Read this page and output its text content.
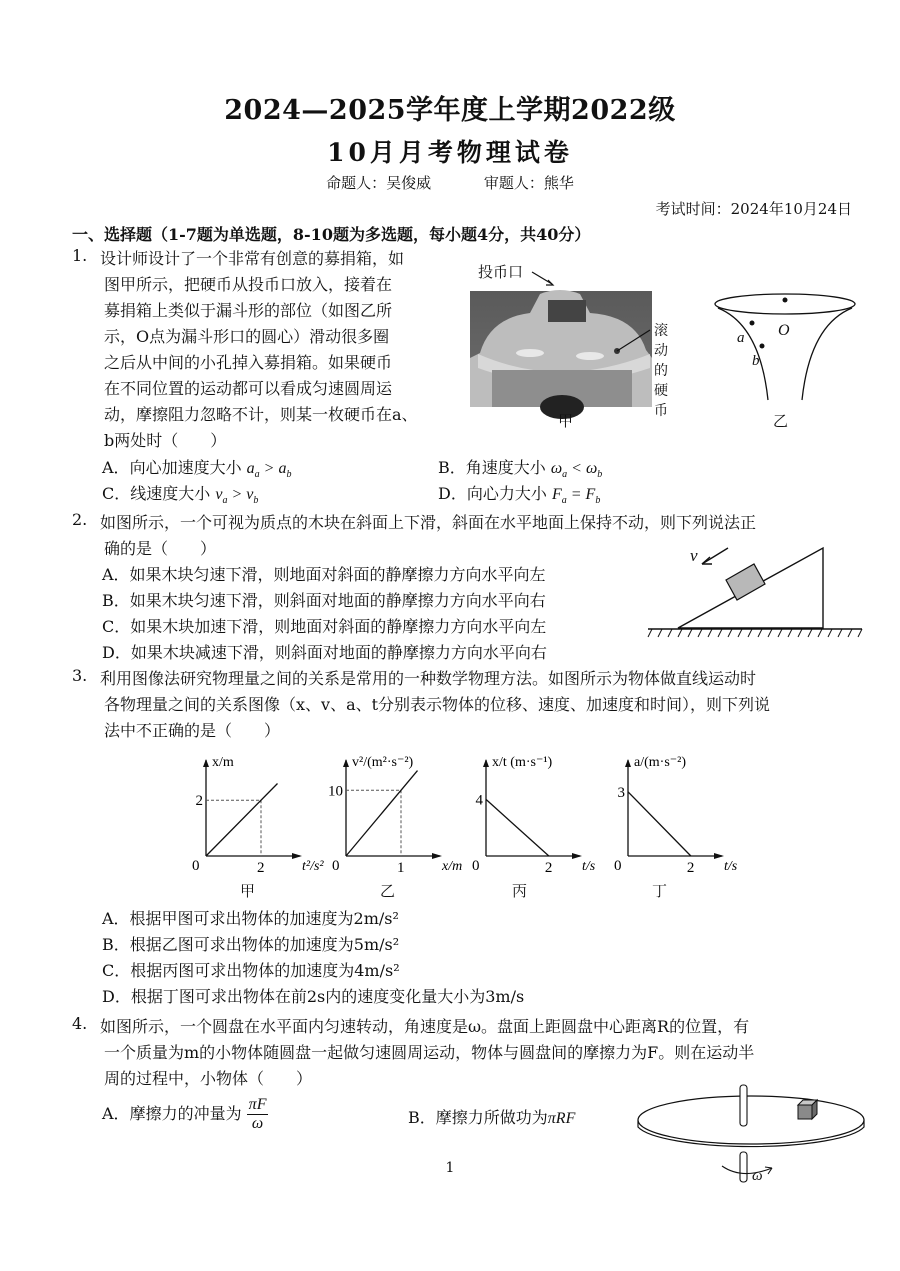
2024—2025学年度上学期2022级
10月月考物理试卷
命题人：吴俊威	审题人：熊华
考试时间：2024年10月24日
一、选择题（1-7题为单选题，8-10题为多选题，每小题4分，共40分）
1. 设计师设计了一个非常有创意的募捐箱，如
图甲所示，把硬币从投币口放入，接着在
募捐箱上类似于漏斗形的部位（如图乙所
示，O点为漏斗形口的圆心）滑动很多圈
之后从中间的小孔掉入募捐箱。如果硬币
在不同位置的运动都可以看成匀速圆周运
动，摩擦阻力忽略不计，则某一枚硬币在a、
b两处时（　　）
A．向心加速度大小 $a_a > a_b$	B．角速度大小 $\omega_a < \omega_b$
C．线速度大小 $v_a > v_b$	D．向心力大小 $F_a = F_b$
投币口
滚动的
硬币
甲
O
a
b
乙
2. 如图所示，一个可视为质点的木块在斜面上下滑，斜面在水平地面上保持不动，则下列说法正
确的是（　　）
A．如果木块匀速下滑，则地面对斜面的静摩擦力方向水平向左
B．如果木块匀速下滑，则斜面对地面的静摩擦力方向水平向右
C．如果木块加速下滑，则地面对斜面的静摩擦力方向水平向左
D．如果木块减速下滑，则斜面对地面的静摩擦力方向水平向右
v
3. 利用图像法研究物理量之间的关系是常用的一种数学物理方法。如图所示为物体做直线运动时
各物理量之间的关系图像（x、v、a、t分别表示物体的位移、速度、加速度和时间），则下列说
法中不正确的是（　　）
0	2
2
t²/s²
x/m
0	1
10
x/m
v²/(m²·s⁻²)
0	2
4
t/s
x/t (m·s⁻¹)
0	2
3
t/s
a/(m·s⁻²)
甲	乙	丙	丁
A．根据甲图可求出物体的加速度为2m/s²
B．根据乙图可求出物体的加速度为5m/s²
C．根据丙图可求出物体的加速度为4m/s²
D．根据丁图可求出物体在前2s内的速度变化量大小为3m/s
4. 如图所示，一个圆盘在水平面内匀速转动，角速度是ω。盘面上距圆盘中心距离R的位置，有
一个质量为m的小物体随圆盘一起做匀速圆周运动，物体与圆盘间的摩擦力为F。则在运动半
周的过程中，小物体（　　）
A．摩擦力的冲量为 $\frac{\pi F}{\omega}$	B．摩擦力所做功为πRF
ω
1
